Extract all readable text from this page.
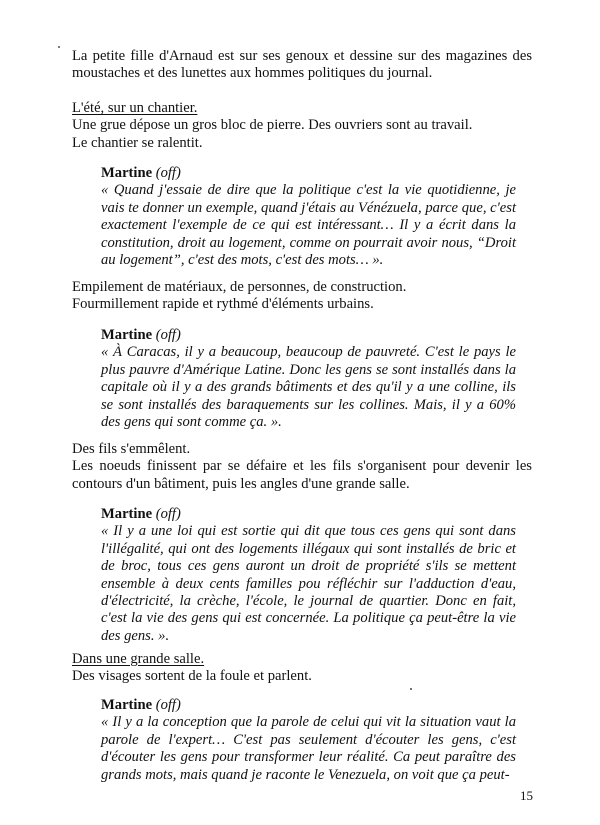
La petite fille d'Arnaud est sur ses genoux et dessine sur des magazines des moustaches et des lunettes aux hommes politiques du journal.
L'été, sur un chantier.
Une grue dépose un gros bloc de pierre. Des ouvriers sont au travail.
Le chantier se ralentit.
Martine (off)
« Quand j'essaie de dire que la politique c'est la vie quotidienne, je vais te donner un exemple, quand j'étais au Vénézuela, parce que, c'est exactement l'exemple de ce qui est intéressant… Il y a écrit dans la constitution, droit au logement, comme on pourrait avoir nous, “Droit au logement”, c'est des mots, c'est des mots… ».
Empilement de matériaux, de personnes, de construction.
Fourmillement rapide et rythmé d'éléments urbains.
Martine (off)
« À Caracas, il y a beaucoup, beaucoup de pauvreté. C'est le pays le plus pauvre d'Amérique Latine. Donc les gens se sont installés dans la capitale où il y a des grands bâtiments et des qu'il y a une colline, ils se sont installés des baraquements sur les collines. Mais, il y a 60% des gens qui sont comme ça. ».
Des fils s'emmêlent.
Les noeuds finissent par se défaire et les fils s'organisent pour devenir les contours d'un bâtiment, puis les angles d'une grande salle.
Martine (off)
« Il y a une loi qui est sortie qui dit que tous ces gens qui sont dans l'illégalité, qui ont des logements illégaux qui sont installés de bric et de broc, tous ces gens auront un droit de propriété s'ils se mettent ensemble à deux cents familles pou réfléchir sur l'adduction d'eau, d'électricité, la crèche, l'école, le journal de quartier. Donc en fait, c'est la vie des gens qui est concernée. La politique ça peut-être la vie des gens. ».
Dans une grande salle.
Des visages sortent de la foule et parlent.
Martine (off)
« Il y a la conception que la parole de celui qui vit la situation vaut la parole de l'expert… C'est pas seulement d'écouter les gens, c'est d'écouter les gens pour transformer leur réalité. Ca peut paraître des grands mots, mais quand je raconte le Venezuela, on voit que ça peut-
15
